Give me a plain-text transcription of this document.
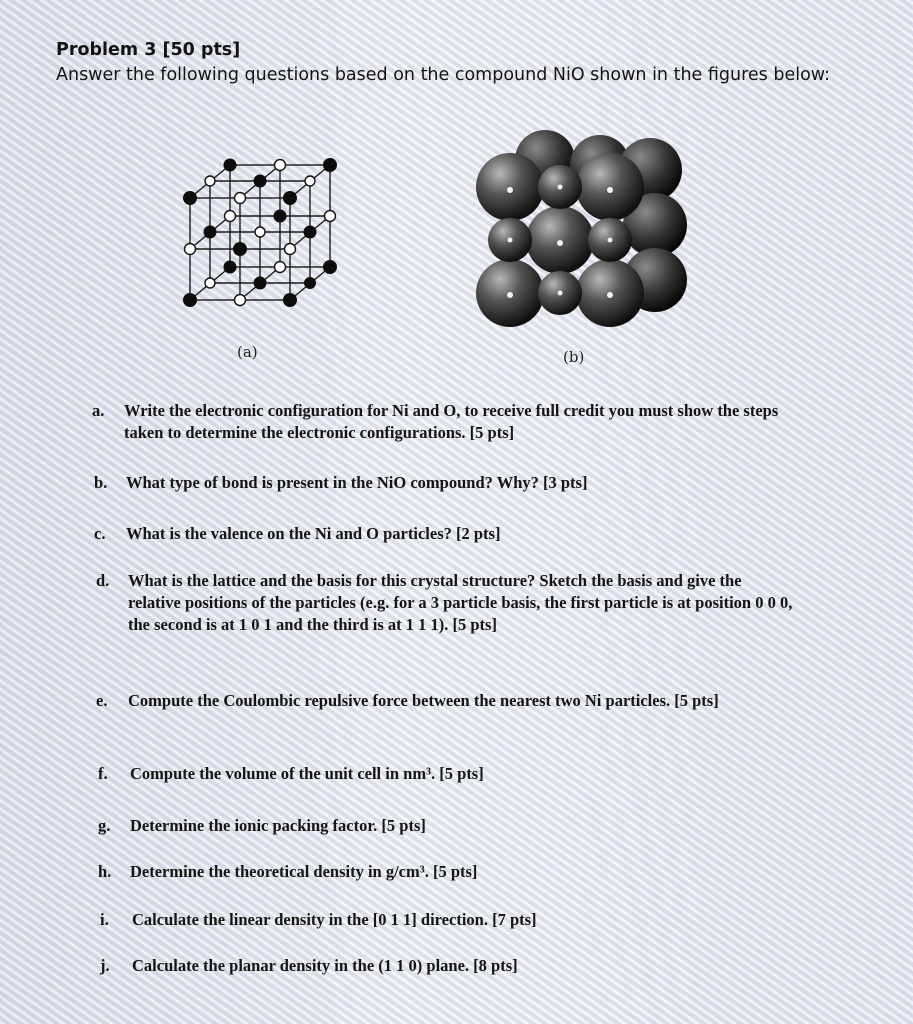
Problem 3 [50 pts]
Answer the following questions based on the compound NiO shown in the figures below:
(a)	(b)
a. Write the electronic configuration for Ni and O, to receive full credit you must show the steps taken to determine the electronic configurations. [5 pts]
b. What type of bond is present in the NiO compound? Why? [3 pts]
c. What is the valence on the Ni and O particles? [2 pts]
d. What is the lattice and the basis for this crystal structure? Sketch the basis and give the relative positions of the particles (e.g. for a 3 particle basis, the first particle is at position 0 0 0, the second is at 1 0 1 and the third is at 1 1 1). [5 pts]
e. Compute the Coulombic repulsive force between the nearest two Ni particles. [5 pts]
f. Compute the volume of the unit cell in nm³. [5 pts]
g. Determine the ionic packing factor. [5 pts]
h. Determine the theoretical density in g/cm³. [5 pts]
i. Calculate the linear density in the [0 1 1] direction. [7 pts]
j. Calculate the planar density in the (1 1 0) plane. [8 pts]
